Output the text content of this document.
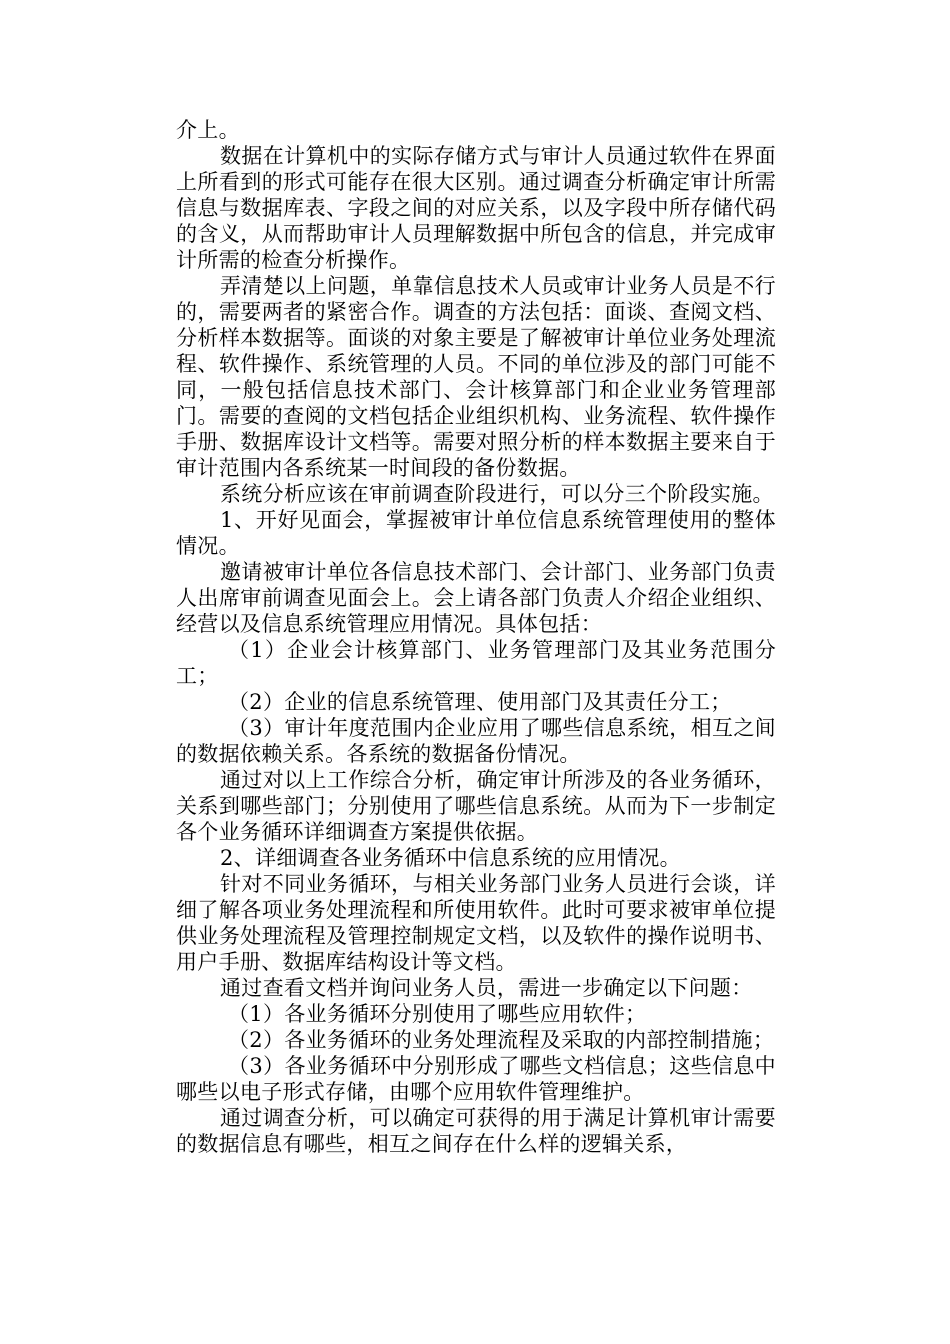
介上。

数据在计算机中的实际存储方式与审计人员通过软件在界面上所看到的形式可能存在很大区别。通过调查分析确定审计所需信息与数据库表、字段之间的对应关系，以及字段中所存储代码的含义，从而帮助审计人员理解数据中所包含的信息，并完成审计所需的检查分析操作。

弄清楚以上问题，单靠信息技术人员或审计业务人员是不行的，需要两者的紧密合作。调查的方法包括：面谈、查阅文档、分析样本数据等。面谈的对象主要是了解被审计单位业务处理流程、软件操作、系统管理的人员。不同的单位涉及的部门可能不同，一般包括信息技术部门、会计核算部门和企业业务管理部门。需要的查阅的文档包括企业组织机构、业务流程、软件操作手册、数据库设计文档等。需要对照分析的样本数据主要来自于审计范围内各系统某一时间段的备份数据。

系统分析应该在审前调查阶段进行，可以分三个阶段实施。

1、开好见面会，掌握被审计单位信息系统管理使用的整体情况。

邀请被审计单位各信息技术部门、会计部门、业务部门负责人出席审前调查见面会上。会上请各部门负责人介绍企业组织、经营以及信息系统管理应用情况。具体包括：

（1）企业会计核算部门、业务管理部门及其业务范围分工；

（2）企业的信息系统管理、使用部门及其责任分工；

（3）审计年度范围内企业应用了哪些信息系统，相互之间的数据依赖关系。各系统的数据备份情况。

通过对以上工作综合分析，确定审计所涉及的各业务循环，关系到哪些部门；分别使用了哪些信息系统。从而为下一步制定各个业务循环详细调查方案提供依据。

2、详细调查各业务循环中信息系统的应用情况。

针对不同业务循环，与相关业务部门业务人员进行会谈，详细了解各项业务处理流程和所使用软件。此时可要求被审单位提供业务处理流程及管理控制规定文档，以及软件的操作说明书、用户手册、数据库结构设计等文档。

通过查看文档并询问业务人员，需进一步确定以下问题：

（1）各业务循环分别使用了哪些应用软件；

（2）各业务循环的业务处理流程及采取的内部控制措施；

（3）各业务循环中分别形成了哪些文档信息；这些信息中哪些以电子形式存储，由哪个应用软件管理维护。

通过调查分析，可以确定可获得的用于满足计算机审计需要的数据信息有哪些，相互之间存在什么样的逻辑关系，
